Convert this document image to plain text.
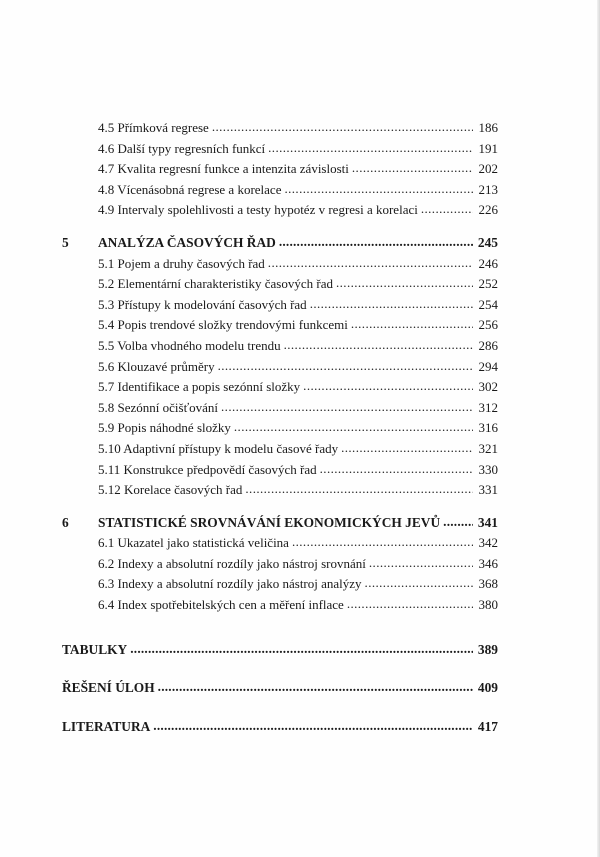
4.5 Přímková regrese .....	186
4.6 Další typy regresních funkcí .....	191
4.7 Kvalita regresní funkce a intenzita závislosti .....	202
4.8 Vícenásobná regrese a korelace .....	213
4.9 Intervaly spolehlivosti a testy hypotéz v regresi a korelaci .....	226
5	ANALÝZA ČASOVÝCH ŘAD .....	245
5.1 Pojem a druhy časových řad .....	246
5.2 Elementární charakteristiky časových řad .....	252
5.3 Přístupy k modelování časových řad .....	254
5.4 Popis trendové složky trendovými funkcemi .....	256
5.5 Volba vhodného modelu trendu .....	286
5.6 Klouzavé průměry .....	294
5.7 Identifikace a popis sezónní složky .....	302
5.8 Sezónní očišťování .....	312
5.9 Popis náhodné složky .....	316
5.10 Adaptivní přístupy k modelu časové řady .....	321
5.11 Konstrukce předpovědí časových řad .....	330
5.12 Korelace časových řad .....	331
6	STATISTICKÉ SROVNÁVÁNÍ EKONOMICKÝCH JEVŮ .....	341
6.1 Ukazatel jako statistická veličina .....	342
6.2 Indexy a absolutní rozdíly jako nástroj srovnání .....	346
6.3 Indexy a absolutní rozdíly jako nástroj analýzy .....	368
6.4 Index spotřebitelských cen a měření inflace .....	380
TABULKY .....	389
ŘEŠENÍ ÚLOH .....	409
LITERATURA .....	417
